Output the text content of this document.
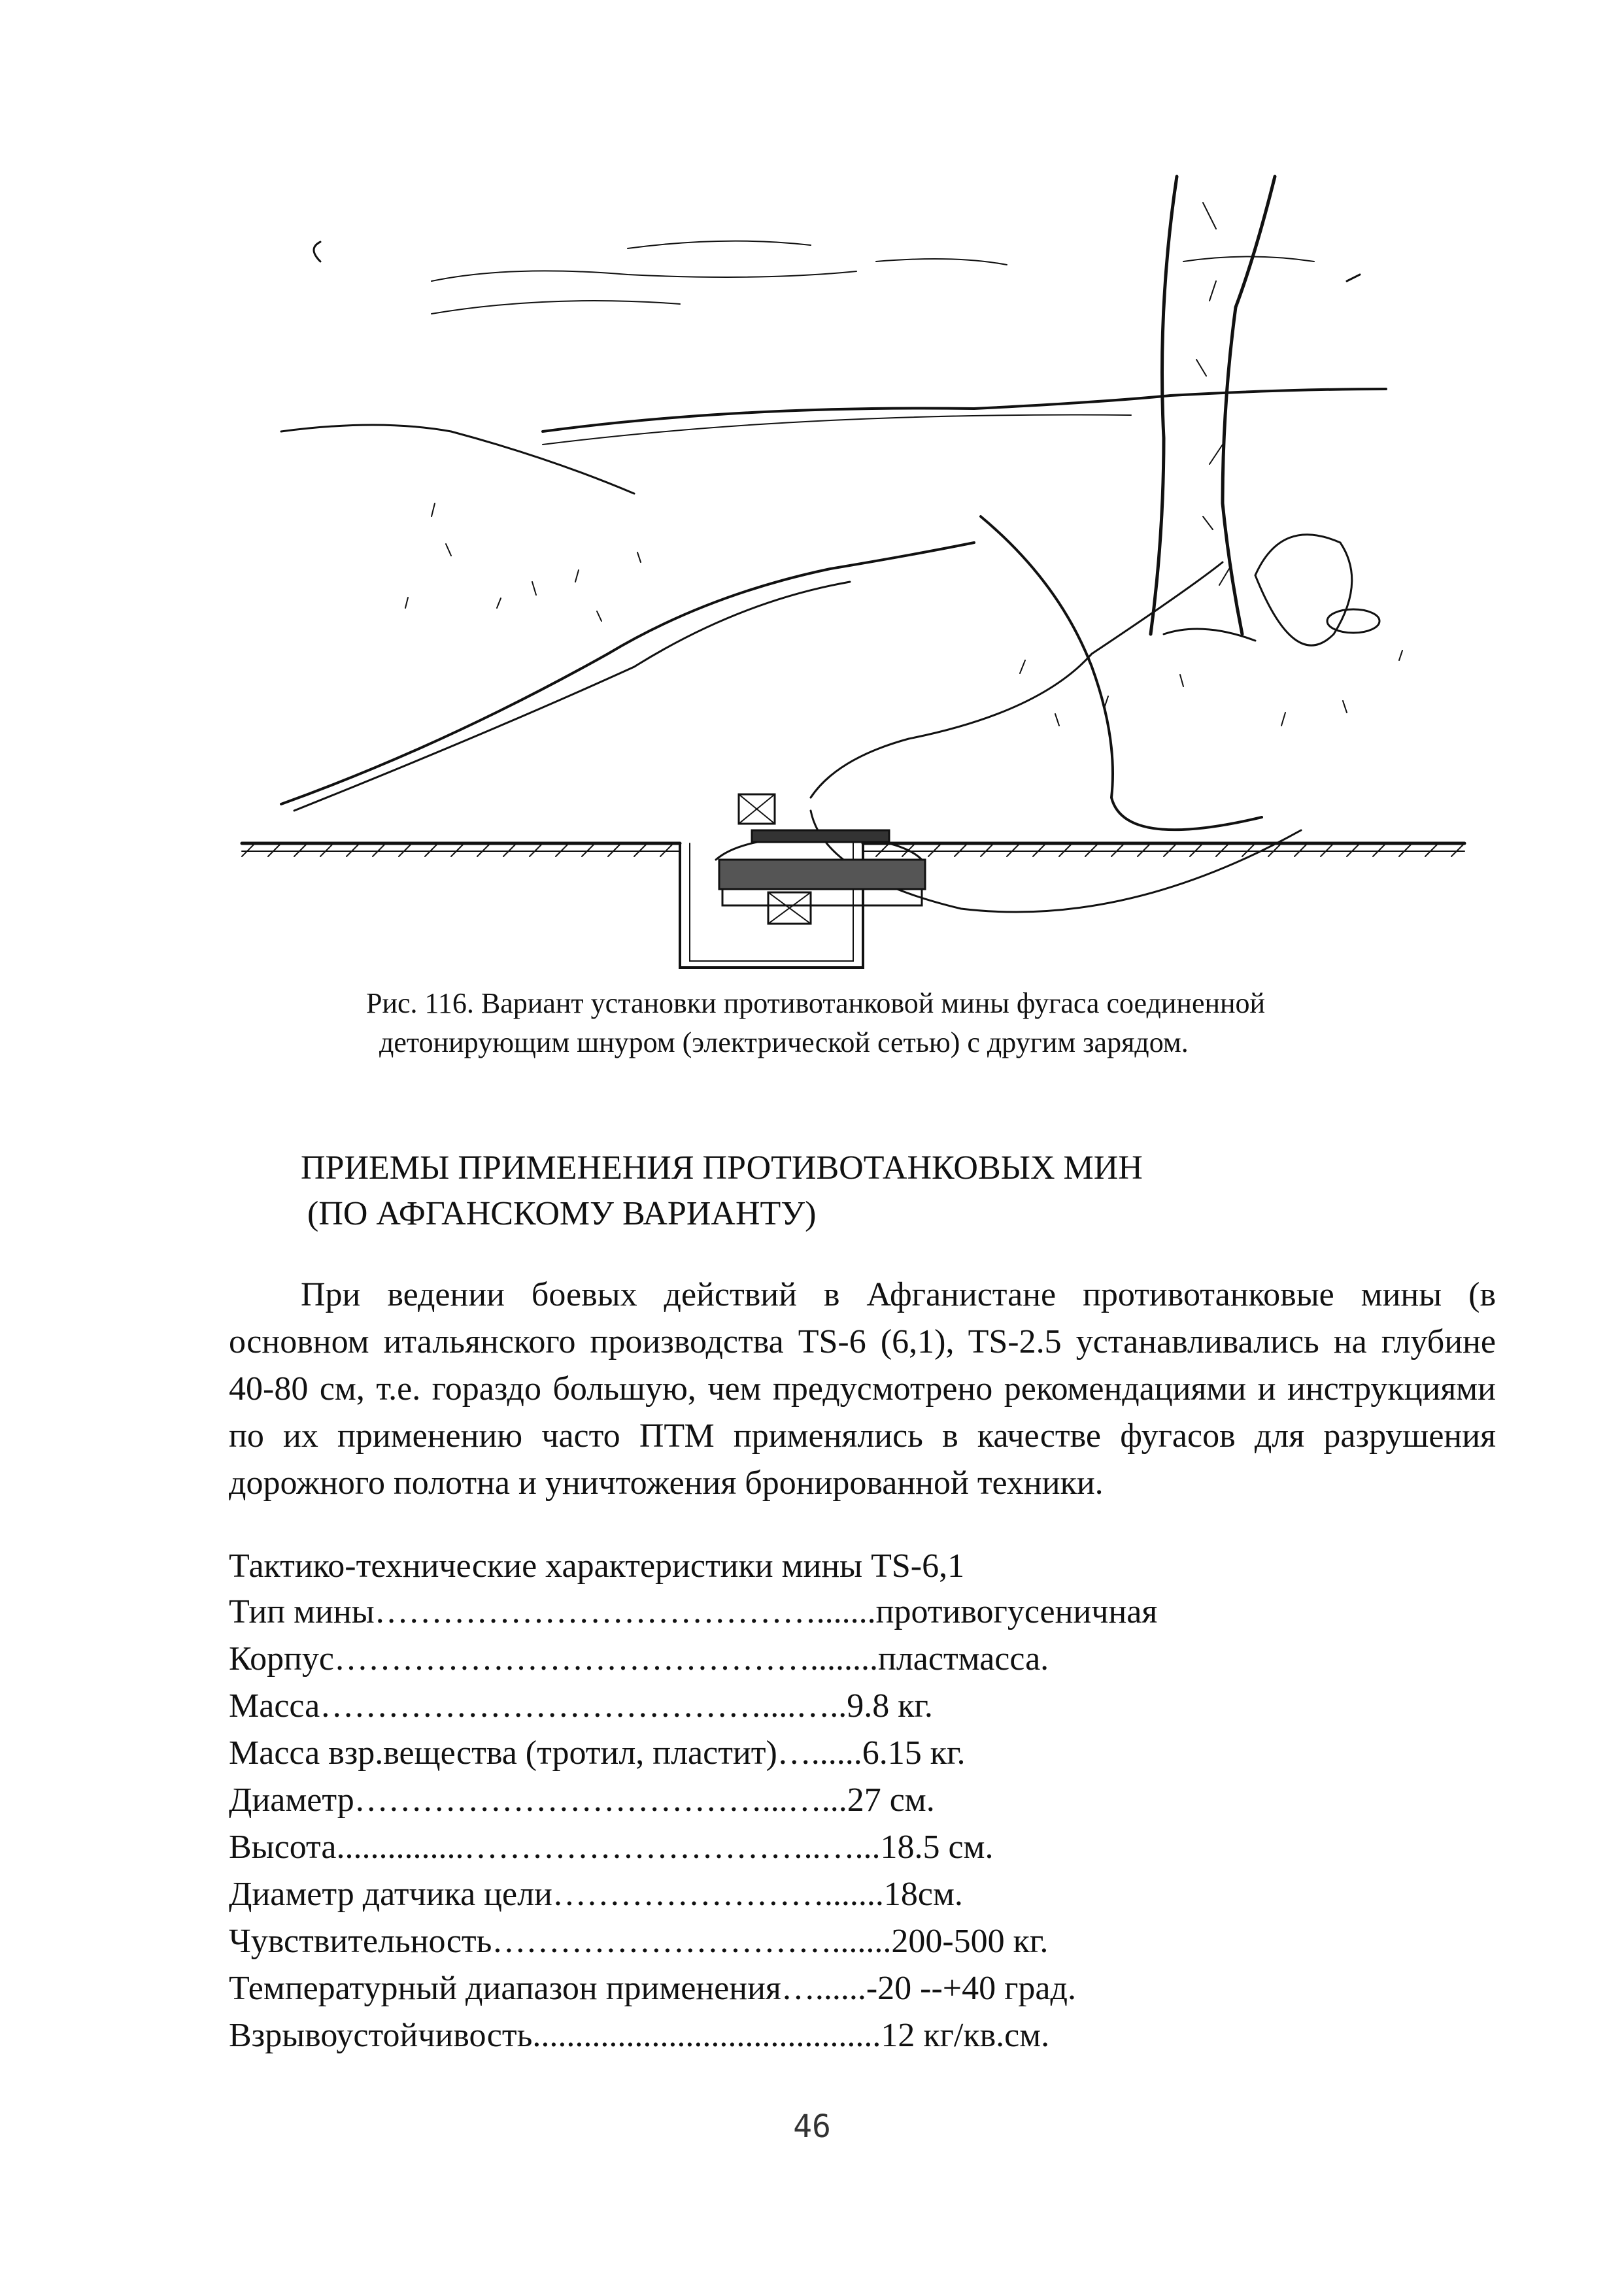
Рис. 116. Вариант установки противотанковой мины фугаса соединенной
детонирующим шнуром (электрической сетью) с другим зарядом.
ПРИЕМЫ ПРИМЕНЕНИЯ ПРОТИВОТАНКОВЫХ МИН
(ПО АФГАНСКОМУ ВАРИАНТУ)
При ведении боевых действий в Афганистане противотанковые мины (в основном итальянского производства TS-6 (6,1), TS-2.5 устанавливались на глубине 40-80 см, т.е. гораздо большую, чем предусмотрено рекомендациями и инструкциями по их применению часто ПТМ применялись в качестве фугасов для разрушения дорожного полотна и уничтожения бронированной техники.
Тактико-технические характеристики мины TS-6,1
Тип мины………………………………….......противогусеничная
Корпус……………………………………........пластмасса.
Масса…………………………………....…..9.8 кг.
Масса взр.вещества (тротил, пластит)…......6.15 кг.
Диаметр………………………………...…...27 см.
Высота...............…………………………..…...18.5 см.
Диаметр датчика цели…………………….......18см.
Чувствительность………………………….......200-500 кг.
Температурный диапазон применения…......-20 --+40 град.
Взрывоустойчивость.........................................12 кг/кв.см.
46
